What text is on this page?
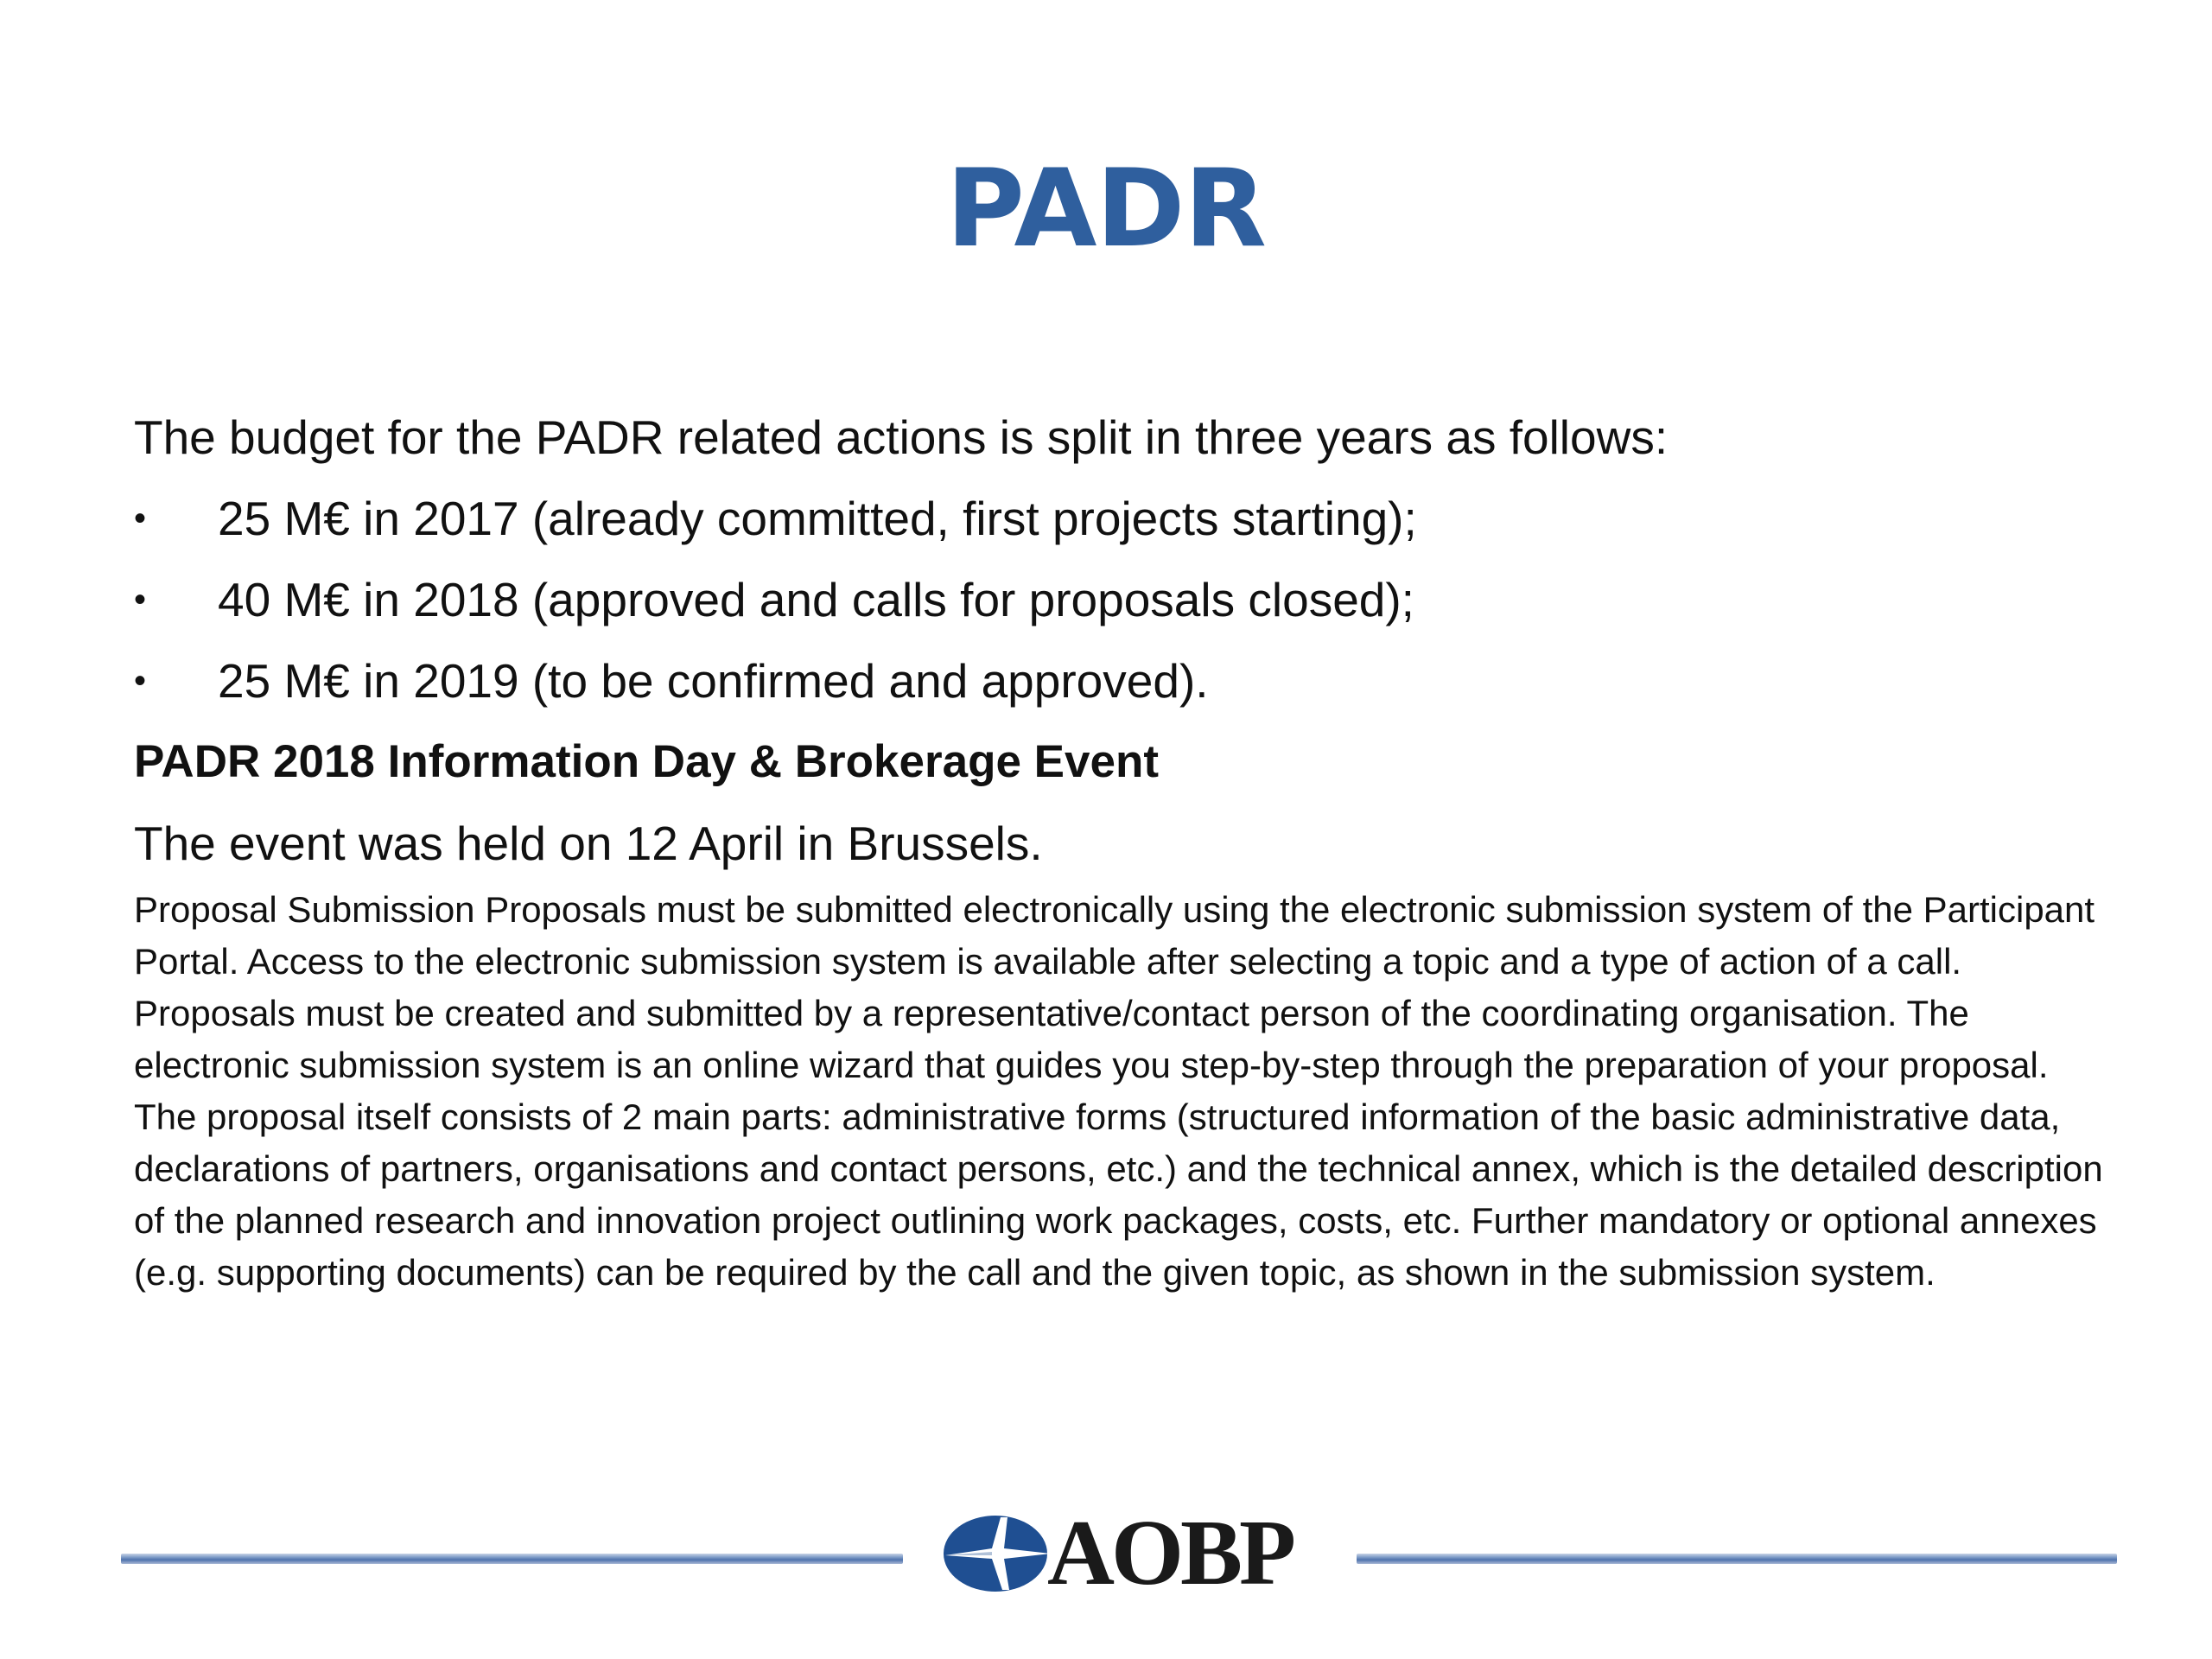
PADR
The budget for the PADR related actions is split in three years as follows:
•	25 M€ in 2017 (already committed, first projects starting);
•	40 M€ in 2018 (approved and calls for proposals closed);
•	25 M€ in 2019 (to be confirmed and approved).
PADR 2018 Information Day & Brokerage Event
The event was held on 12 April in Brussels.

Proposal Submission Proposals must be submitted electronically using the electronic submission system of the Participant Portal. Access to the electronic submission system is available after selecting a topic and a type of action of a call. Proposals must be created and submitted by a representative/contact person of the coordinating organisation. The electronic submission system is an online wizard that guides you step-by-step through the preparation of your proposal. The proposal itself consists of 2 main parts: administrative forms (structured information of the basic administrative data, declarations of partners, organisations and contact persons, etc.) and the technical annex, which is the detailed description of the planned research and innovation project outlining work packages, costs, etc. Further mandatory or optional annexes (e.g. supporting documents) can be required by the call and the given topic, as shown in the submission system.

AOBP
